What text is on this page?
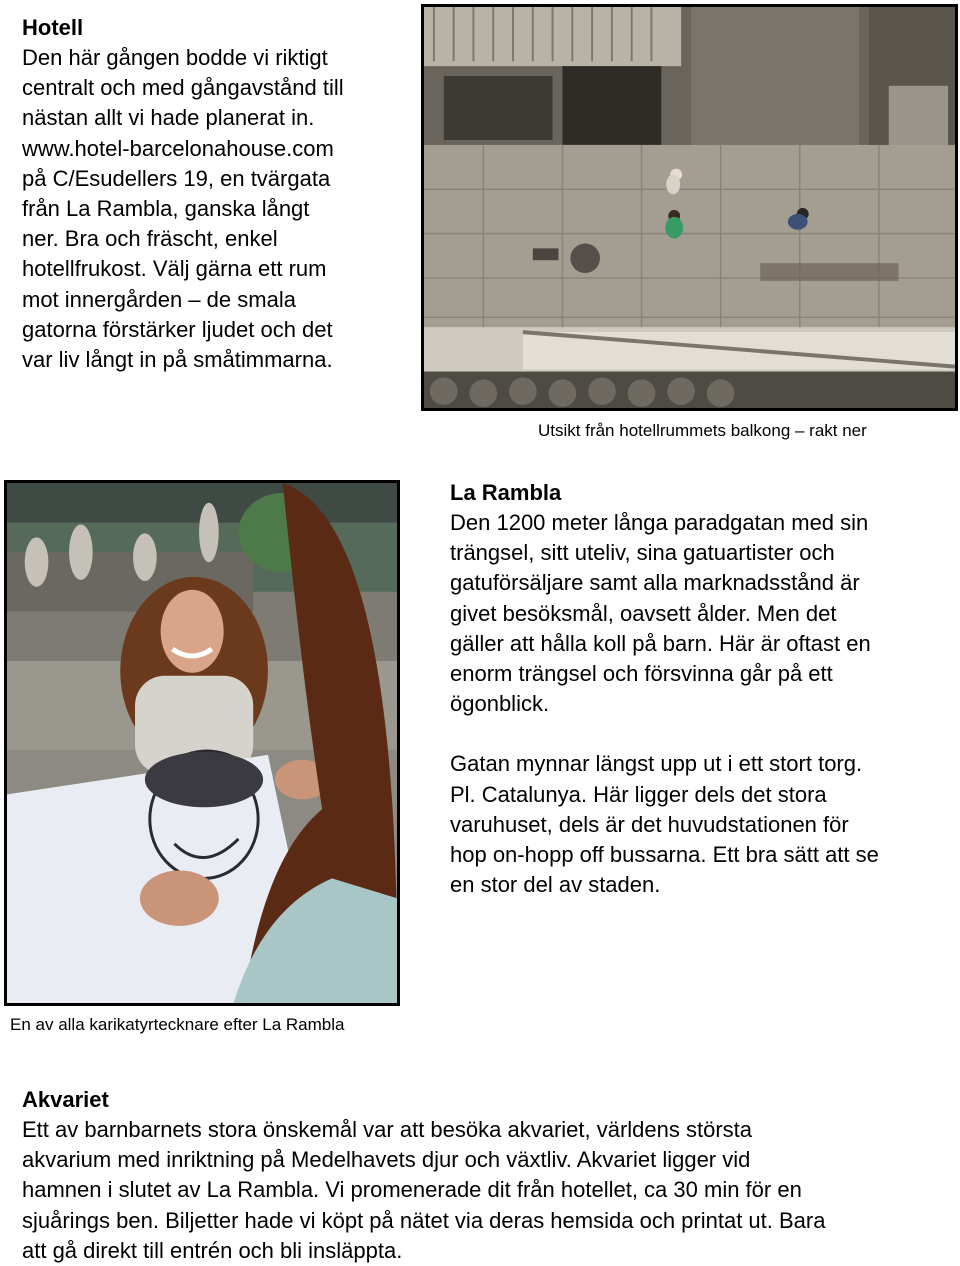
Hotell
Den här gången bodde vi riktigt
centralt och med gångavstånd till
nästan allt vi hade planerat in.
www.hotel-barcelonahouse.com
på C/Esudellers 19, en tvärgata
från La Rambla, ganska långt
ner. Bra och fräscht, enkel
hotellfrukost. Välj gärna ett rum
mot innergården – de smala
gatorna förstärker ljudet och det
var liv långt in på småtimmarna.
Utsikt från hotellrummets balkong – rakt ner
En av alla karikatyrtecknare efter La Rambla
La Rambla
Den 1200 meter långa paradgatan med sin
trängsel, sitt uteliv, sina gatuartister och
gatuförsäljare samt alla marknadsstånd är
givet besöksmål, oavsett ålder. Men det
gäller att hålla koll på barn. Här är oftast en
enorm trängsel och försvinna går på ett
ögonblick.
Gatan mynnar längst upp ut i ett stort torg.
Pl. Catalunya. Här ligger dels det stora
varuhuset, dels är det huvudstationen för
hop on-hopp off bussarna. Ett bra sätt att se
en stor del av staden.
Akvariet
Ett av barnbarnets stora önskemål var att besöka akvariet, världens största
akvarium med inriktning på Medelhavets djur och växtliv. Akvariet ligger vid
hamnen i slutet av La Rambla. Vi promenerade dit från hotellet, ca 30 min för en
sjuårings ben. Biljetter hade vi köpt på nätet via deras hemsida och printat ut. Bara
att gå direkt till entrén och bli insläppta.
